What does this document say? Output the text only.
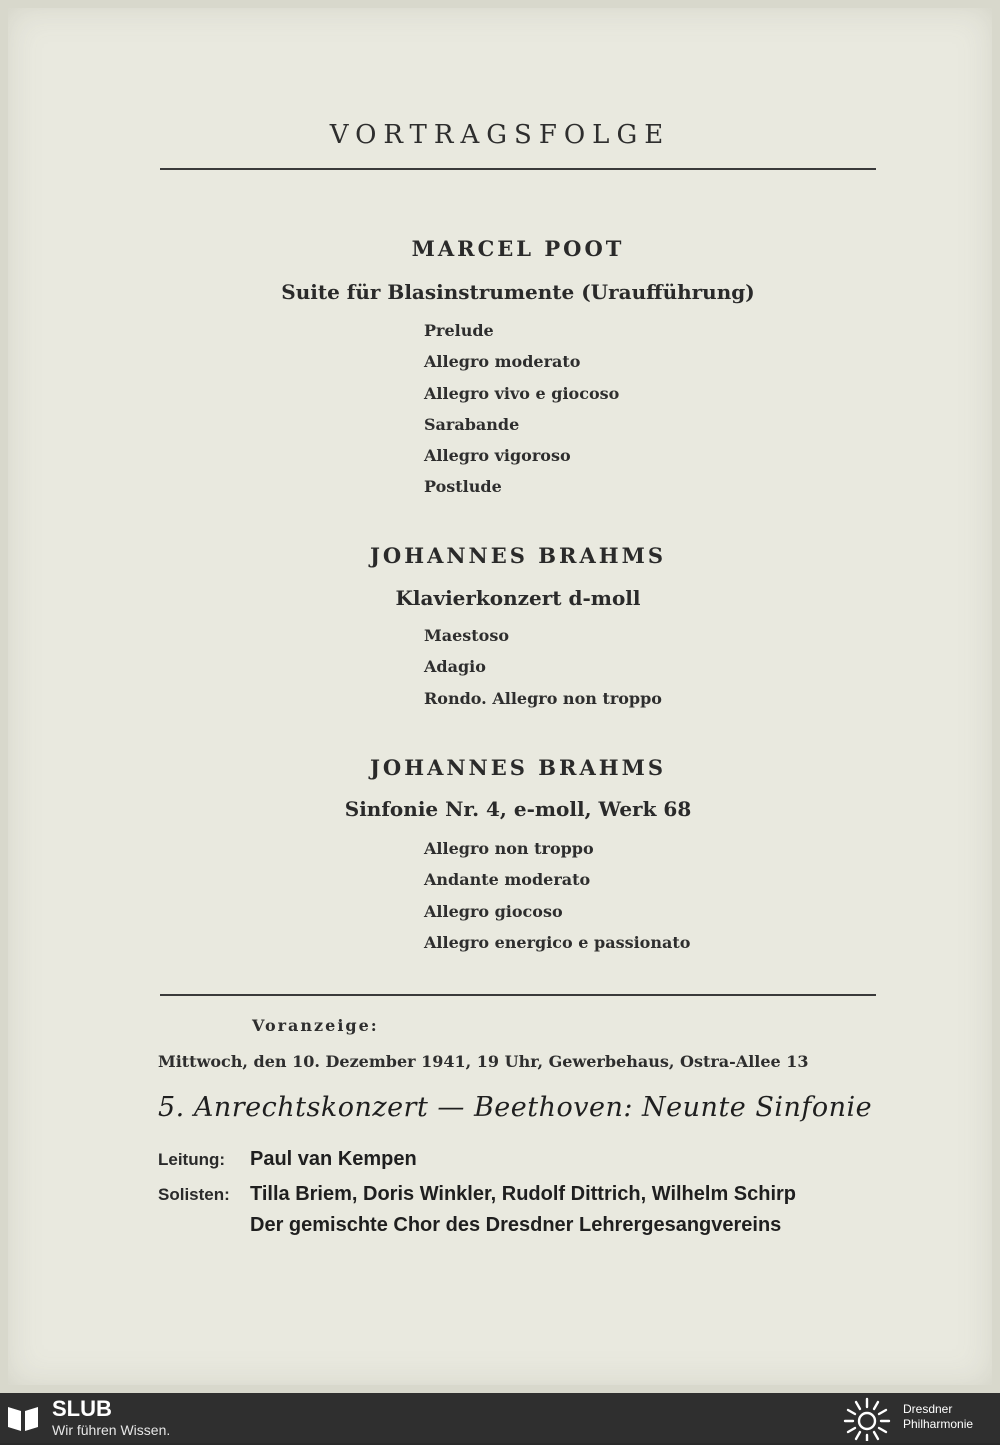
VORTRAGSFOLGE
MARCEL POOT
Suite für Blasinstrumente (Uraufführung)
Prelude
Allegro moderato
Allegro vivo e giocoso
Sarabande
Allegro vigoroso
Postlude
JOHANNES BRAHMS
Klavierkonzert d-moll
Maestoso
Adagio
Rondo. Allegro non troppo
JOHANNES BRAHMS
Sinfonie Nr. 4, e-moll, Werk 68
Allegro non troppo
Andante moderato
Allegro giocoso
Allegro energico e passionato
Voranzeige:
Mittwoch, den 10. Dezember 1941, 19 Uhr, Gewerbehaus, Ostra-Allee 13
5. Anrechtskonzert — Beethoven: Neunte Sinfonie
Leitung: Paul van Kempen
Solisten: Tilla Briem, Doris Winkler, Rudolf Dittrich, Wilhelm Schirp
Der gemischte Chor des Dresdner Lehrergesangvereins
SLUB
Wir führen Wissen.
Dresdner
Philharmonie
